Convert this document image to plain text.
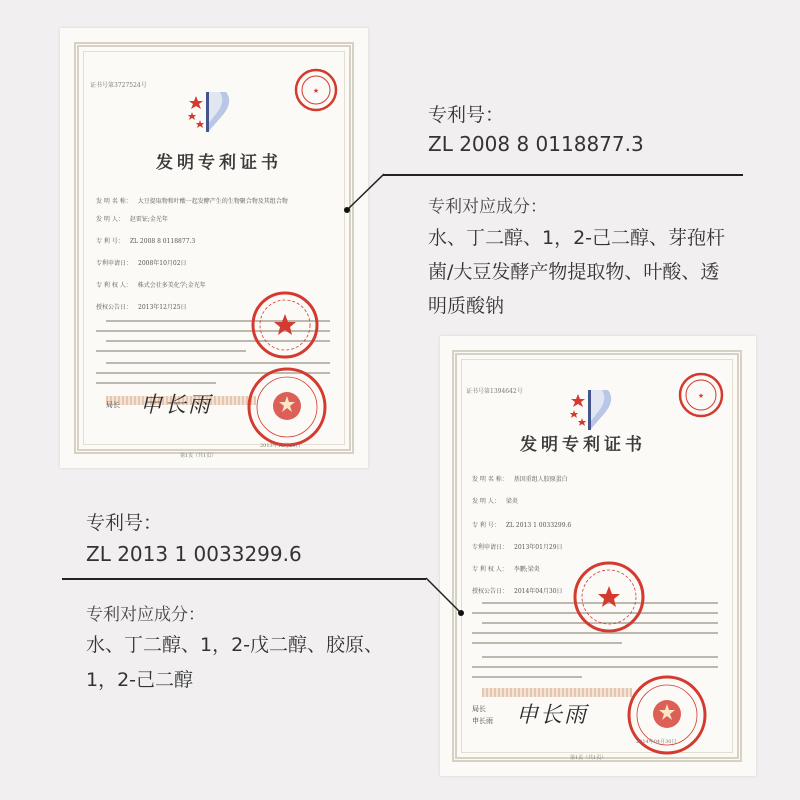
证书号第3727524号
★
发明专利证书
发 明 名 称： 大豆提取物和叶酸一起发酵产生的生物聚合物及其组合物
发 明 人： 赵雷钲;金光年
专 利 号： ZL 2008 8 0118877.3
专利申请日： 2008年10月02日
专 利 权 人： 株式会社多美化学;金光年
授权公告日： 2013年12月25日
局长 申长雨
2013年12月25日
第1页（共1页）
证书号第1394642号
★
发明专利证书
发 明 名 称： 基因重组人胶原蛋白
发 明 人： 梁炎
专 利 号： ZL 2013 1 0033299.6
专利申请日： 2013年01月29日
专 利 权 人： 李鹏;梁炎
授权公告日： 2014年04月30日
局长
申长雨 申长雨
2014年04月30日
第1页（共1页）
专利号：
ZL 2008 8 0118877.3
专利对应成分：
水、丁二醇、1，2-己二醇、芽孢杆
菌/大豆发酵产物提取物、叶酸、透
明质酸钠
专利号：
ZL 2013 1 0033299.6
专利对应成分：
水、丁二醇、1，2-戊二醇、胶原、
1，2-己二醇
